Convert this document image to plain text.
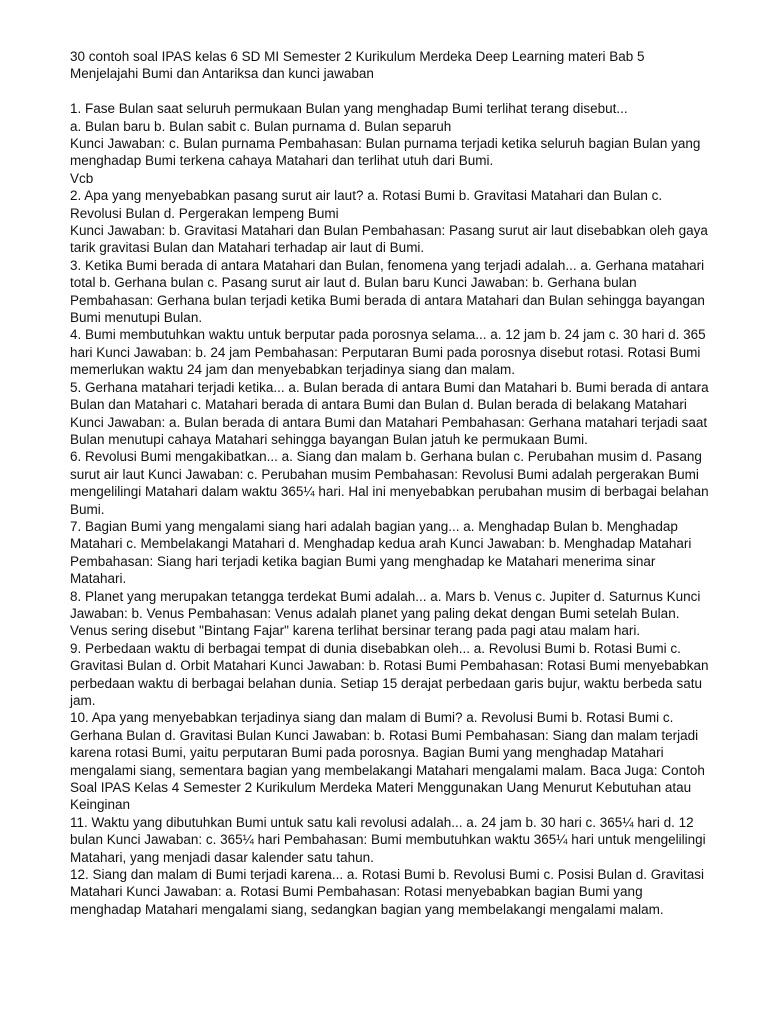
30 contoh soal IPAS kelas 6 SD MI Semester 2 Kurikulum Merdeka Deep Learning materi Bab 5 Menjelajahi Bumi dan Antariksa dan kunci jawaban

1. Fase Bulan saat seluruh permukaan Bulan yang menghadap Bumi terlihat terang disebut...

a. Bulan baru b. Bulan sabit c. Bulan purnama d. Bulan separuh

Kunci Jawaban: c. Bulan purnama Pembahasan: Bulan purnama terjadi ketika seluruh bagian Bulan yang menghadap Bumi terkena cahaya Matahari dan terlihat utuh dari Bumi.

Vcb

2. Apa yang menyebabkan pasang surut air laut? a. Rotasi Bumi b. Gravitasi Matahari dan Bulan c. Revolusi Bulan d. Pergerakan lempeng Bumi

Kunci Jawaban: b. Gravitasi Matahari dan Bulan Pembahasan: Pasang surut air laut disebabkan oleh gaya tarik gravitasi Bulan dan Matahari terhadap air laut di Bumi.

3. Ketika Bumi berada di antara Matahari dan Bulan, fenomena yang terjadi adalah... a. Gerhana matahari total b. Gerhana bulan c. Pasang surut air laut d. Bulan baru Kunci Jawaban: b. Gerhana bulan Pembahasan: Gerhana bulan terjadi ketika Bumi berada di antara Matahari dan Bulan sehingga bayangan Bumi menutupi Bulan.

4. Bumi membutuhkan waktu untuk berputar pada porosnya selama... a. 12 jam b. 24 jam c. 30 hari d. 365 hari Kunci Jawaban: b. 24 jam Pembahasan: Perputaran Bumi pada porosnya disebut rotasi. Rotasi Bumi memerlukan waktu 24 jam dan menyebabkan terjadinya siang dan malam.

5. Gerhana matahari terjadi ketika... a. Bulan berada di antara Bumi dan Matahari b. Bumi berada di antara Bulan dan Matahari c. Matahari berada di antara Bumi dan Bulan d. Bulan berada di belakang Matahari Kunci Jawaban: a. Bulan berada di antara Bumi dan Matahari Pembahasan: Gerhana matahari terjadi saat Bulan menutupi cahaya Matahari sehingga bayangan Bulan jatuh ke permukaan Bumi.

6. Revolusi Bumi mengakibatkan... a. Siang dan malam b. Gerhana bulan c. Perubahan musim d. Pasang surut air laut Kunci Jawaban: c. Perubahan musim Pembahasan: Revolusi Bumi adalah pergerakan Bumi mengelilingi Matahari dalam waktu 365¼ hari. Hal ini menyebabkan perubahan musim di berbagai belahan Bumi.

7. Bagian Bumi yang mengalami siang hari adalah bagian yang... a. Menghadap Bulan b. Menghadap Matahari c. Membelakangi Matahari d. Menghadap kedua arah Kunci Jawaban: b. Menghadap Matahari Pembahasan: Siang hari terjadi ketika bagian Bumi yang menghadap ke Matahari menerima sinar Matahari.

8. Planet yang merupakan tetangga terdekat Bumi adalah... a. Mars b. Venus c. Jupiter d. Saturnus Kunci Jawaban: b. Venus Pembahasan: Venus adalah planet yang paling dekat dengan Bumi setelah Bulan. Venus sering disebut "Bintang Fajar" karena terlihat bersinar terang pada pagi atau malam hari.

9. Perbedaan waktu di berbagai tempat di dunia disebabkan oleh... a. Revolusi Bumi b. Rotasi Bumi c. Gravitasi Bulan d. Orbit Matahari Kunci Jawaban: b. Rotasi Bumi Pembahasan: Rotasi Bumi menyebabkan perbedaan waktu di berbagai belahan dunia. Setiap 15 derajat perbedaan garis bujur, waktu berbeda satu jam.

10. Apa yang menyebabkan terjadinya siang dan malam di Bumi? a. Revolusi Bumi b. Rotasi Bumi c. Gerhana Bulan d. Gravitasi Bulan Kunci Jawaban: b. Rotasi Bumi Pembahasan: Siang dan malam terjadi karena rotasi Bumi, yaitu perputaran Bumi pada porosnya. Bagian Bumi yang menghadap Matahari mengalami siang, sementara bagian yang membelakangi Matahari mengalami malam. Baca Juga: Contoh Soal IPAS Kelas 4 Semester 2 Kurikulum Merdeka Materi Menggunakan Uang Menurut Kebutuhan atau Keinginan

11. Waktu yang dibutuhkan Bumi untuk satu kali revolusi adalah... a. 24 jam b. 30 hari c. 365¼ hari d. 12 bulan Kunci Jawaban: c. 365¼ hari Pembahasan: Bumi membutuhkan waktu 365¼ hari untuk mengelilingi Matahari, yang menjadi dasar kalender satu tahun.

12. Siang dan malam di Bumi terjadi karena... a. Rotasi Bumi b. Revolusi Bumi c. Posisi Bulan d. Gravitasi Matahari Kunci Jawaban: a. Rotasi Bumi Pembahasan: Rotasi menyebabkan bagian Bumi yang menghadap Matahari mengalami siang, sedangkan bagian yang membelakangi mengalami malam.
